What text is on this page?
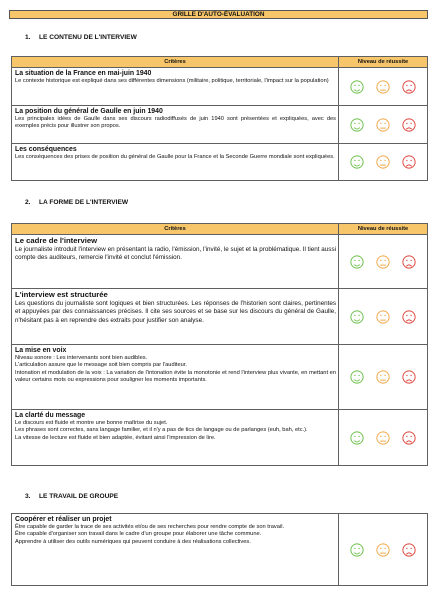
GRILLE D'AUTO-ÉVALUATION
1. LE CONTENU DE L'INTERVIEW
Critères	Niveau de réussite

La situation de la France en mai-juin 1940

Le contexte historique est expliqué dans ses différentes dimensions (militaire, politique, territoriale, l'impact sur la population)

La position du général de Gaulle en juin 1940

Les principales idées de Gaulle dans ses discours radiodiffusés de juin 1940 sont présentées et expliquées, avec des exemples précis pour illustrer son propos.

Les conséquences

Les conséquences des prises de position du général de Gaulle pour la France et la Seconde Guerre mondiale sont expliquées.

2. LA FORME DE L'INTERVIEW
Critères	Niveau de réussite

Le cadre de l'interview

Le journaliste introduit l'interview en présentant la radio, l'émission, l'invité, le sujet et la problématique. Il tient aussi compte des auditeurs, remercie l'invité et conclut l'émission.

L'interview est structurée

Les questions du journaliste sont logiques et bien structurées. Les réponses de l'historien sont claires, pertinentes et appuyées par des connaissances précises. Il cite ses sources et se base sur les discours du général de Gaulle, n'hésitant pas à en reprendre des extraits pour justifier son analyse.

La mise en voix

Niveau sonore : Les intervenants sont bien audibles.

L'articulation assure que le message soit bien compris par l'auditeur.

Intonation et modulation de la voix : La variation de l'intonation évite la monotonie et rend l'interview plus vivante, en mettant en valeur certains mots ou expressions pour souligner les moments importants.

La clarté du message

Le discours est fluide et montre une bonne maîtrise du sujet.

Les phrases sont correctes, sans langage familier, et il n'y a pas de tics de langage ou de parlanges (euh, bah, etc.).

La vitesse de lecture est fluide et bien adaptée, évitant ainsi l'impression de lire.

3. LE TRAVAIL DE GROUPE
Coopérer et réaliser un projet

Être capable de garder la trace de ses activités et/ou de ses recherches pour rendre compte de son travail.

Être capable d'organiser son travail dans le cadre d'un groupe pour élaborer une tâche commune.

Apprendre à utiliser des outils numériques qui peuvent conduire à des réalisations collectives.
